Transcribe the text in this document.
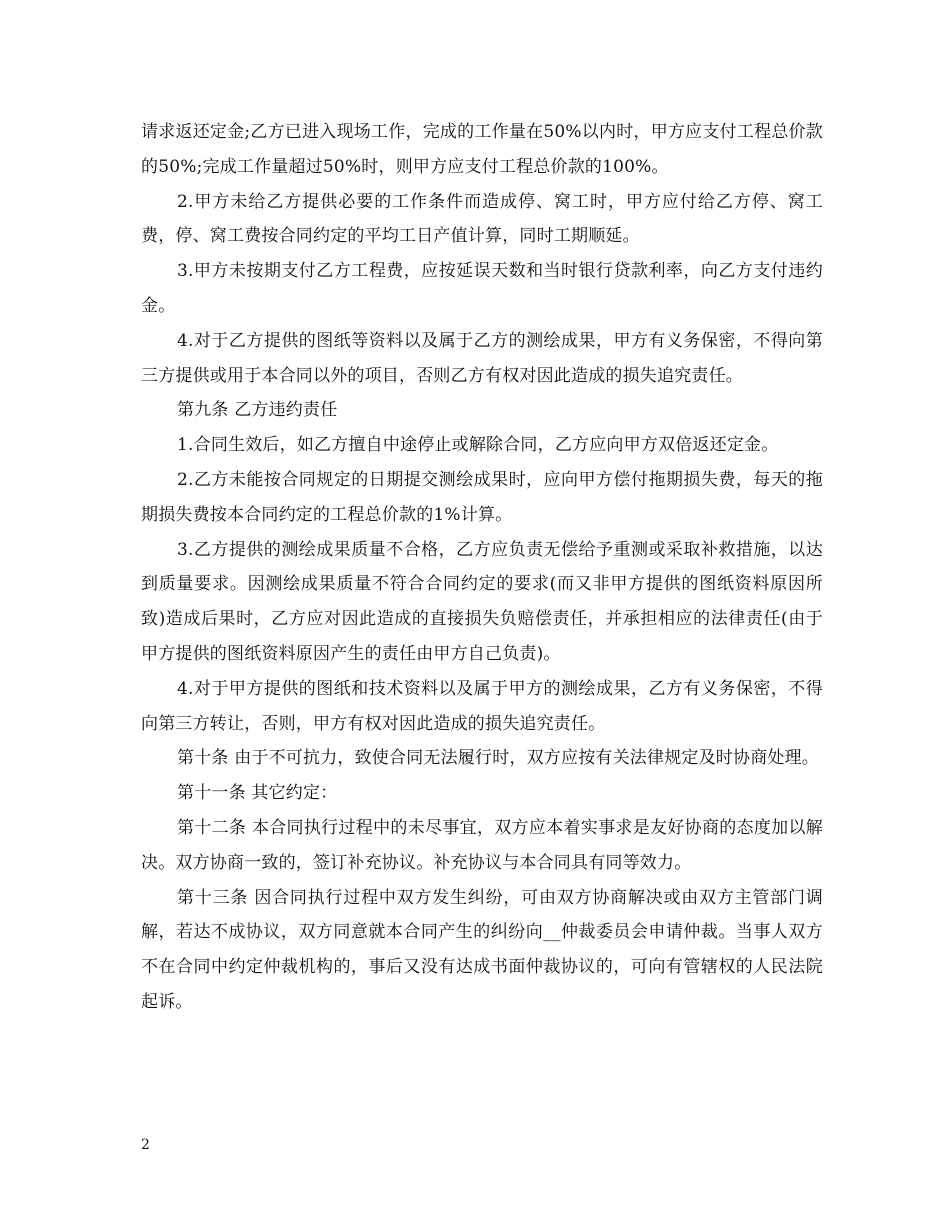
请求返还定金;乙方已进入现场工作，完成的工作量在50%以内时，甲方应支付工程总价款的50%;完成工作量超过50%时，则甲方应支付工程总价款的100%。

2.甲方未给乙方提供必要的工作条件而造成停、窝工时，甲方应付给乙方停、窝工费，停、窝工费按合同约定的平均工日产值计算，同时工期顺延。

3.甲方未按期支付乙方工程费，应按延误天数和当时银行贷款利率，向乙方支付违约金。

4.对于乙方提供的图纸等资料以及属于乙方的测绘成果，甲方有义务保密，不得向第三方提供或用于本合同以外的项目，否则乙方有权对因此造成的损失追究责任。

第九条 乙方违约责任

1.合同生效后，如乙方擅自中途停止或解除合同，乙方应向甲方双倍返还定金。

2.乙方未能按合同规定的日期提交测绘成果时，应向甲方偿付拖期损失费，每天的拖期损失费按本合同约定的工程总价款的1%计算。

3.乙方提供的测绘成果质量不合格，乙方应负责无偿给予重测或采取补救措施，以达到质量要求。因测绘成果质量不符合合同约定的要求(而又非甲方提供的图纸资料原因所致)造成后果时，乙方应对因此造成的直接损失负赔偿责任，并承担相应的法律责任(由于甲方提供的图纸资料原因产生的责任由甲方自己负责)。

4.对于甲方提供的图纸和技术资料以及属于甲方的测绘成果，乙方有义务保密，不得向第三方转让，否则，甲方有权对因此造成的损失追究责任。

第十条 由于不可抗力，致使合同无法履行时，双方应按有关法律规定及时协商处理。

第十一条 其它约定：

第十二条 本合同执行过程中的未尽事宜，双方应本着实事求是友好协商的态度加以解决。双方协商一致的，签订补充协议。补充协议与本合同具有同等效力。

第十三条 因合同执行过程中双方发生纠纷，可由双方协商解决或由双方主管部门调解，若达不成协议，双方同意就本合同产生的纠纷向__仲裁委员会申请仲裁。当事人双方不在合同中约定仲裁机构的，事后又没有达成书面仲裁协议的，可向有管辖权的人民法院起诉。

2
